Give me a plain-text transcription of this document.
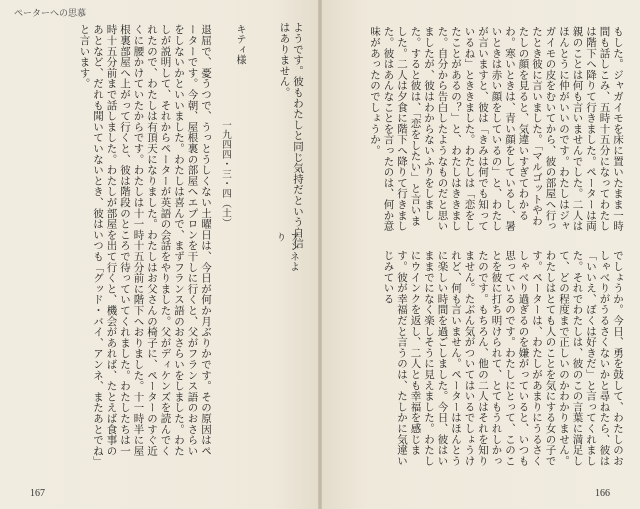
ペーターへの思慕

ようです。彼もわたしと同じ気持だという自信はありません。

アンネより
キティ様
一九四四・三・四（土）

退屈で、憂うつで、うっとうしくない土曜日は、今日が何か月ぶりかです。その原因はペーターです。今朝、屋根裏の部屋へエプロンを干しに行くと、父がフランス語のおさらいをしないかといいました。わたしは喜んで、まずフランス語のおさらいをしました。わたしが説明して、それからペーターが英語の会話をやりました。父がディケンズを読んでくれたので、わたしは有頂天になりました。わたしはお父さんの椅子に、ペーターのすぐ近くに腰かけていたからです。わたしは十一時十五分前に階下へおりました。十一時半に屋根裏部屋へ上がって行くと、彼は階段のところで待っていてくれました。わたしたちは一時十五分前まで話しました。わたしが部屋を出て行くと、機会があれば、たとえば食事のあとなど、だれも聞いていないとき、彼はいつも「グッド・バイ、アンネ、またあとでね」と言います。

167

もした。ジャガイモを床に置いたまま一時間も話しこみ、五時十五分になってわたしは階下へ降りて行きました。ペーターは両親のことは何も言いませんでした。二人はほんとうに仲がいいのです。わたしはジャガイモの皮をむいてから、彼の部屋へ行ったとき彼に言いました。「マルゴットやわたしの顔を見ると、気違いすぎてわかるわ。寒いときは、青い顔をしているし、暑いときは赤い顔をしているの」と、わたしが言いますと、彼は「きみは何でも知っているね」とききました。わたしは「恋をしたことがあるの？」と、わたしはききました。自分から告白したようなものだと思いましたが、彼はわからないふりをしました。すると彼は、「恋をしたい」と言いました。二人は夕食に階下へ降りて行きました。彼はあんなことを言ったのは、何か意味があったのでしょうか。

でしょうか。今日、勇を鼓して、わたしのおしゃべりがうるさくないかと尋ねたら、彼は「いいえ、ぼくは好きだ」と言ってくれました。それでわたしは、彼のこの言葉に満足して、どの程度まで正しいのかわかりません。わたしはとても人のことを気にする女の子です。ペーターは、わたしがあまりにうるさくしゃべり過ぎるのを嫌がっていると、いつも思っているのです。わたしにとって、このことを彼に打ち明けられて、とてもうれしかったのです。もちろん、他の二人はそれを知りません。たぶん気がついてはいるでしょうけれど、何も言いません。ペーターはほんとうに楽しい時間を過ごしました。今日、彼はいままでになく楽しそうに見えました。わたしにウインクを返し、二人とも幸福を感じます。彼が幸福だと言うのは、たしかに気違いじみている

166
